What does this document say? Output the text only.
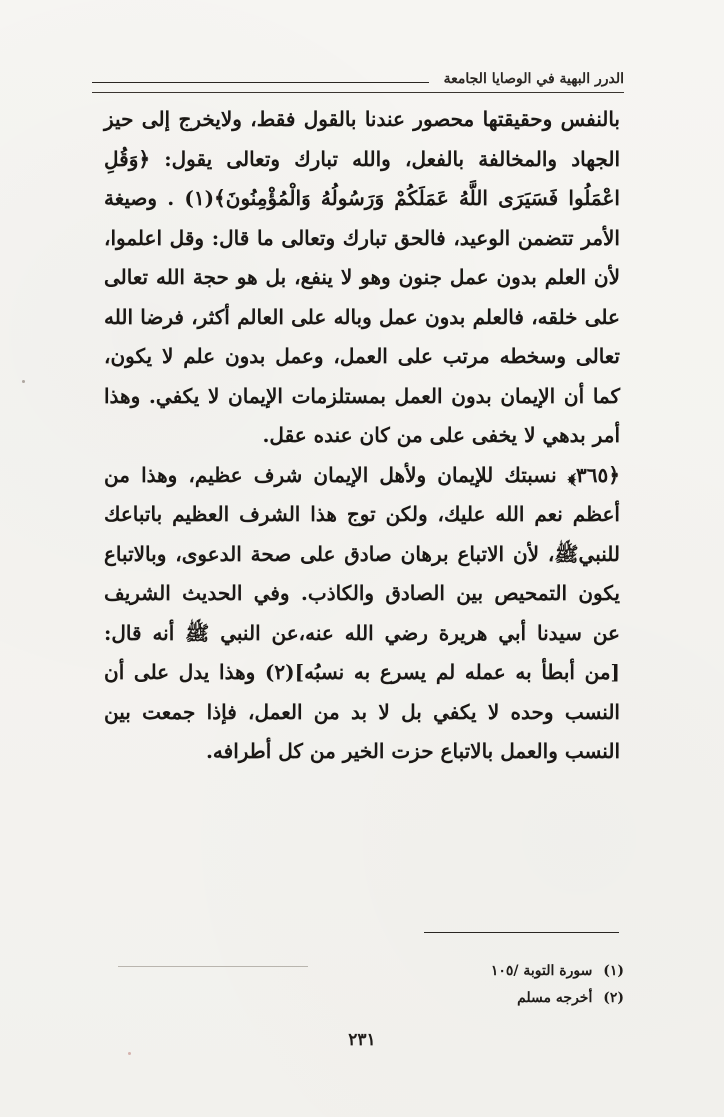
الدرر البهية في الوصايا الجامعة

بالنفس وحقيقتها محصور عندنا بالقول فقط، ولايخرج إلى حيز الجهاد والمخالفة بالفعل، والله تبارك وتعالى يقول: ﴿وَقُلِ اعْمَلُوا فَسَيَرَى اللَّهُ عَمَلَكُمْ وَرَسُولُهُ وَالْمُؤْمِنُونَ﴾(١) . وصيغة الأمر تتضمن الوعيد، فالحق تبارك وتعالى ما قال: وقل اعلموا، لأن العلم بدون عمل جنون وهو لا ينفع، بل هو حجة الله تعالى على خلقه، فالعلم بدون عمل وباله على العالم أكثر، فرضا الله تعالى وسخطه مرتب على العمل، وعمل بدون علم لا يكون، كما أن الإيمان بدون العمل بمستلزمات الإيمان لا يكفي. وهذا أمر بدهي لا يخفى على من كان عنده عقل.

﴿٣٦٥﴾ نسبتك للإيمان ولأهل الإيمان شرف عظيم، وهذا من أعظم نعم الله عليك، ولكن توج هذا الشرف العظيم باتباعك للنبيﷺ، لأن الاتباع برهان صادق على صحة الدعوى، وبالاتباع يكون التمحيص بين الصادق والكاذب. وفي الحديث الشريف عن سيدنا أبي هريرة رضي الله عنه،عن النبي ﷺ أنه قال: [من أبطأ به عمله لم يسرع به نسبُه](٢) وهذا يدل على أن النسب وحده لا يكفي بل لا بد من العمل، فإذا جمعت بين النسب والعمل بالاتباع حزت الخير من كل أطرافه.

(١) سورة التوبة /١٠٥
(٢) أخرجه مسلم
٢٣١
